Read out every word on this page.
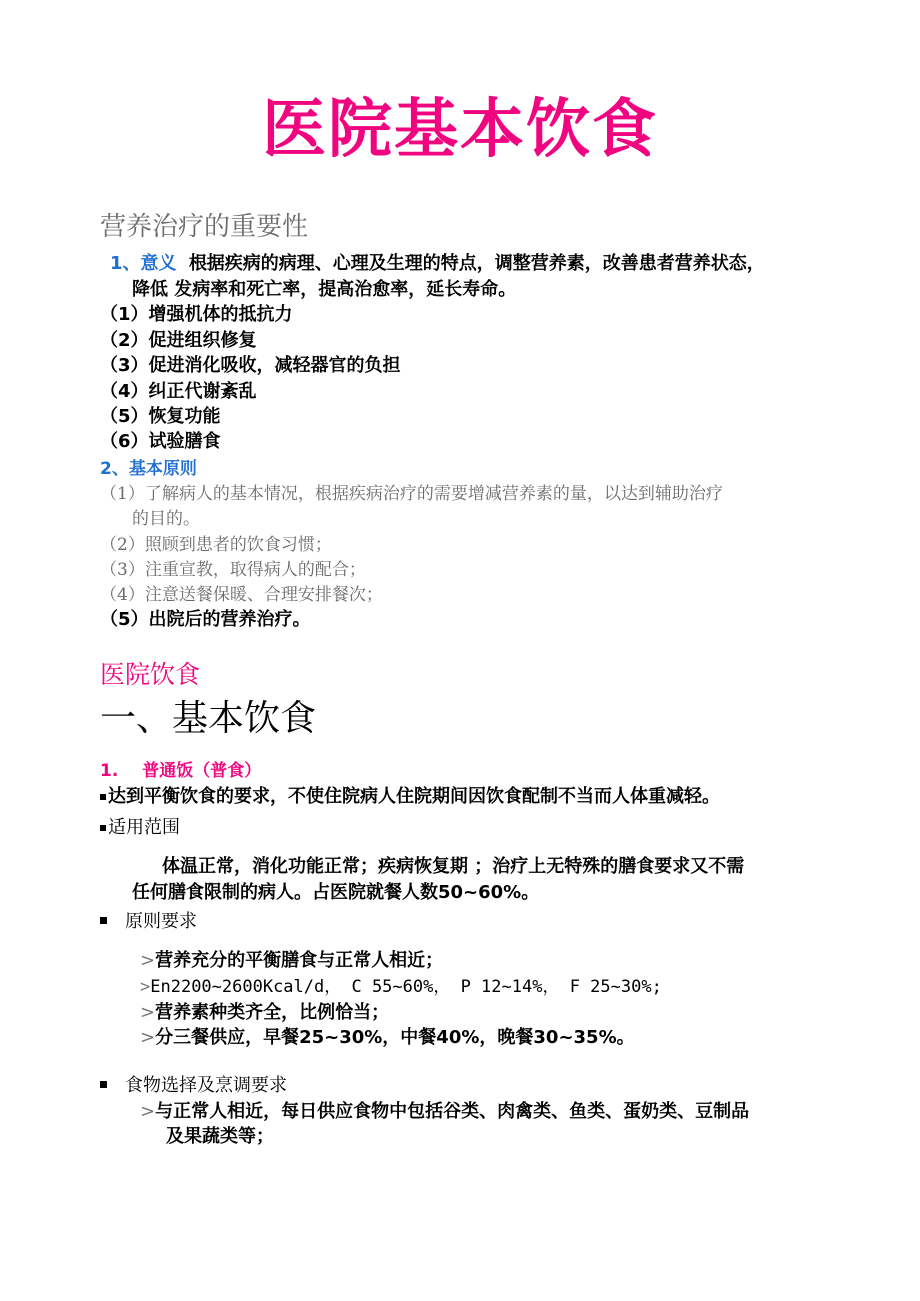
医院基本饮食
营养治疗的重要性
1、意义 根据疾病的病理、心理及生理的特点，调整营养素，改善患者营养状态，
降低 发病率和死亡率，提高治愈率，延长寿命。
（1）增强机体的抵抗力
（2）促进组织修复
（3）促进消化吸收，减轻器官的负担
（4）纠正代谢紊乱
（5）恢复功能
（6）试验膳食
2、基本原则
（1）了解病人的基本情况，根据疾病治疗的需要增减营养素的量，以达到辅助治疗
的目的。
（2）照顾到患者的饮食习惯；
（3）注重宣教，取得病人的配合；
（4）注意送餐保暖、合理安排餐次；
（5）出院后的营养治疗。
医院饮食
一、基本饮食
1. 普通饭（普食）
达到平衡饮食的要求，不使住院病人住院期间因饮食配制不当而人体重减轻。
适用范围
体温正常，消化功能正常；疾病恢复期 ；治疗上无特殊的膳食要求又不需
任何膳食限制的病人。占医院就餐人数50~60%。
原则要求
>营养充分的平衡膳食与正常人相近；
>En2200~2600Kcal/d， C 55~60%， P 12~14%， F 25~30%;
>营养素种类齐全，比例恰当；
>分三餐供应，早餐25~30%，中餐40%，晚餐30~35%。
食物选择及烹调要求
>与正常人相近，每日供应食物中包括谷类、肉禽类、鱼类、蛋奶类、豆制品
及果蔬类等；
